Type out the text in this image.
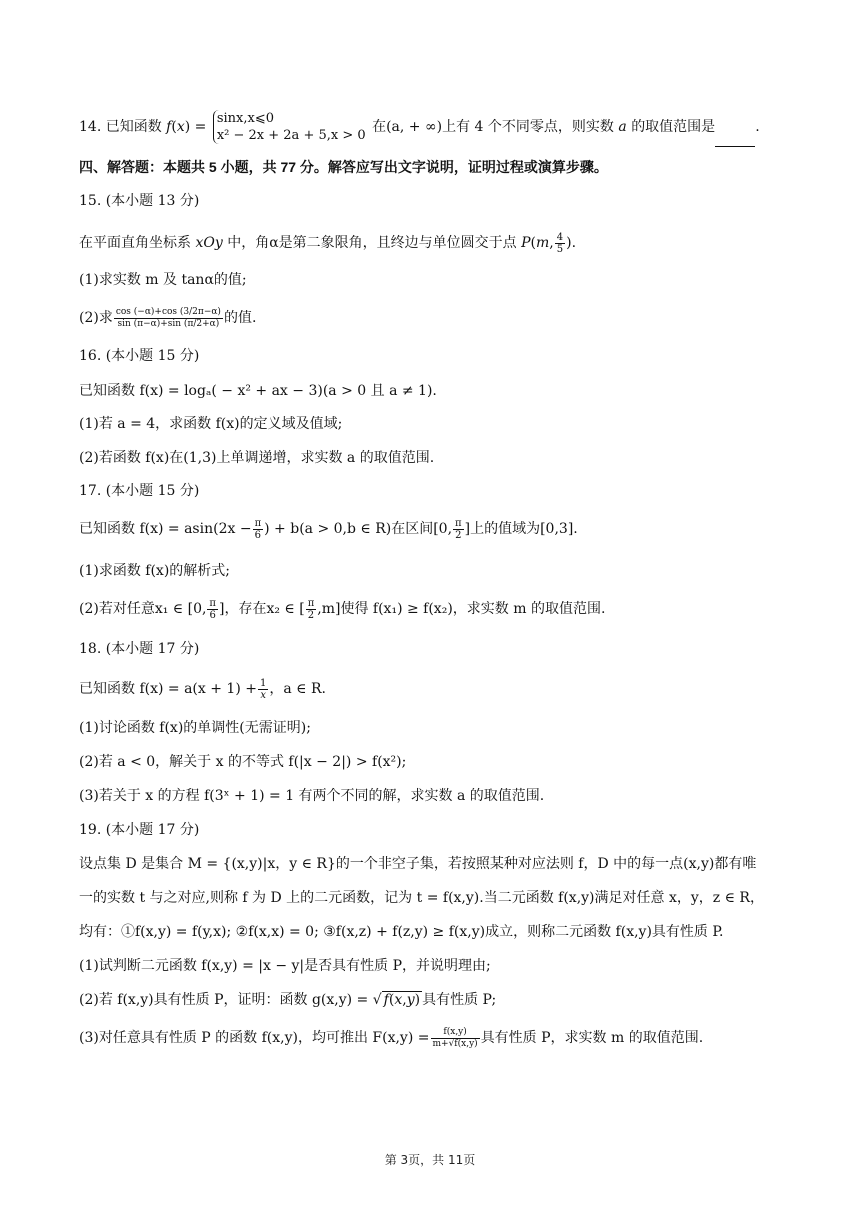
14. 已知函数 f(x) =
sinx,x⩽0
x² − 2x + 2a + 5,x > 0
在(a, + ∞)上有 4 个不同零点，则实数 a 的取值范围是	.
四、解答题：本题共 5 小题，共 77 分。解答应写出文字说明，证明过程或演算步骤。
15. (本小题 13 分)
在平面直角坐标系 xOy 中，角α是第二象限角，且终边与单位圆交于点 P(m, $\frac{4}{5}$ ).
(1)求实数 m 及 tanα的值;
(2)求 $\frac{\cos (-\alpha)+\cos (3/2\pi-\alpha)}{\sin (\pi-\alpha)+\sin (\pi/2+\alpha)}$ 的值.
16. (本小题 15 分)
已知函数 f(x) = logₐ( − x² + ax − 3)(a > 0 且 a ≠ 1).
(1)若 a = 4，求函数 f(x)的定义域及值域;
(2)若函数 f(x)在(1,3)上单调递增，求实数 a 的取值范围.
17. (本小题 15 分)
已知函数 $f(x) = asin(2x - \frac{\pi}{6}$ ) + b(a > 0,b ∈ R)在区间[0, $\frac{\pi}{2}$ ]上的值域为[0,3].
(1)求函数 f(x)的解析式;
(2)若对任意x₁ ∈ [0, $\frac{\pi}{6}$ ]，存在x₂ ∈ [ $\frac{\pi}{2} ,m$]使得 f(x₁) ≥ f(x₂)，求实数 m 的取值范围.
18. (本小题 17 分)
已知函数 $f(x) = a(x + 1) + \frac{1}{x}$ ，a ∈ R.
(1)讨论函数 f(x)的单调性(无需证明);
(2)若 a < 0，解关于 x 的不等式 f(|x − 2|) > f(x²);
(3)若关于 x 的方程 f(3ˣ + 1) = 1 有两个不同的解，求实数 a 的取值范围.
19. (本小题 17 分)
设点集 D 是集合 M = {(x,y)|x，y ∈ R}的一个非空子集，若按照某种对应法则 f，D 中的每一点(x,y)都有唯
一的实数 t 与之对应,则称 f 为 D 上的二元函数，记为 t = f(x,y).当二元函数 f(x,y)满足对任意 x，y，z ∈ R，
均有：①f(x,y) = f(y,x); ②f(x,x) = 0; ③f(x,z) + f(z,y) ≥ f(x,y)成立，则称二元函数 f(x,y)具有性质 P.
(1)试判断二元函数 f(x,y) = |x − y|是否具有性质 P，并说明理由;
(2)若 f(x,y)具有性质 P，证明：函数 g(x,y) = √ f(x,y) 具有性质 P;
(3)对任意具有性质 P 的函数 f(x,y)，均可推出 $F(x,y) = \frac{f(x,y)}{m+√f(x,y)}$ 具有性质 P，求实数 m 的取值范围.
第 3页，共 11页
